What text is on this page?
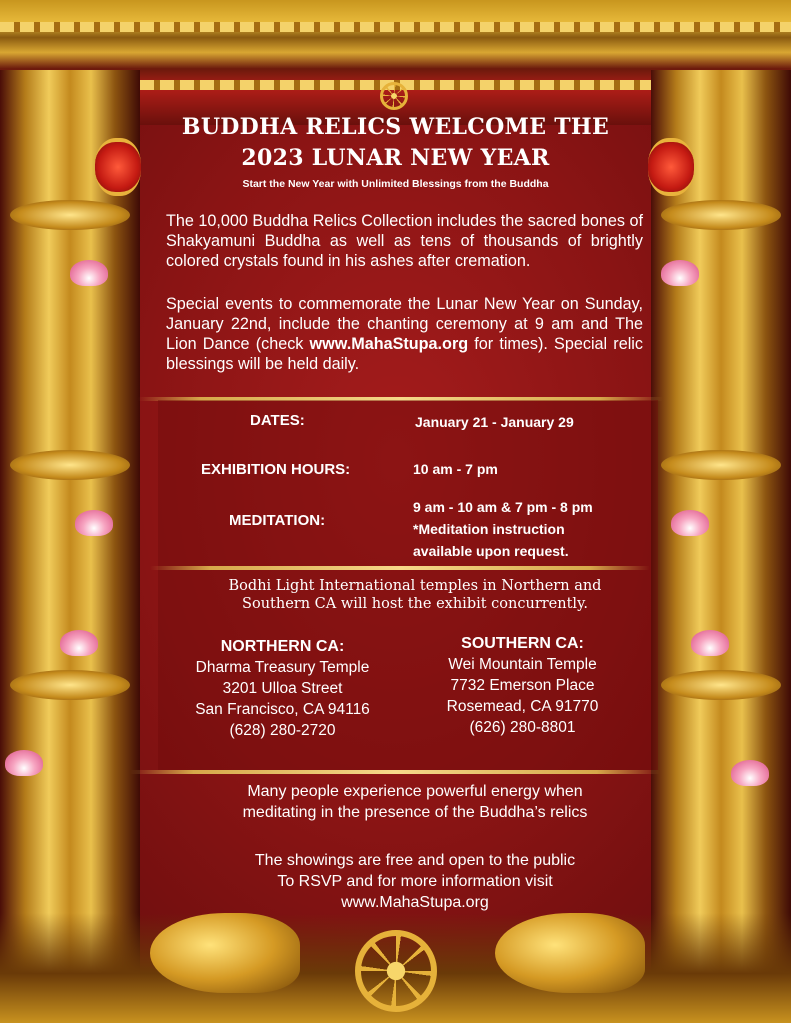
BUDDHA RELICS WELCOME THE
2023 LUNAR NEW YEAR
Start the New Year with Unlimited Blessings from the Buddha
The 10,000 Buddha Relics Collection includes the sacred bones of Shakyamuni Buddha as well as tens of thousands of brightly colored crystals found in his ashes after cremation.
Special events to commemorate the Lunar New Year on Sunday, January 22nd, include the chanting ceremony at 9 am and The Lion Dance (check www.MahaStupa.org for times). Special relic blessings will be held daily.
DATES:	January 21 - January 29
EXHIBITION HOURS:	10 am - 7 pm
MEDITATION:
9 am - 10 am & 7 pm - 8 pm
*Meditation instruction
available upon request.
Bodhi Light International temples in Northern and
Southern CA will host the exhibit concurrently.
NORTHERN CA:
Dharma Treasury Temple
3201 Ulloa Street
San Francisco, CA 94116
(628) 280-2720
SOUTHERN CA:
Wei Mountain Temple
7732 Emerson Place
Rosemead, CA 91770
(626) 280-8801
Many people experience powerful energy when
meditating in the presence of the Buddha’s relics
The showings are free and open to the public
To RSVP and for more information visit
www.MahaStupa.org
